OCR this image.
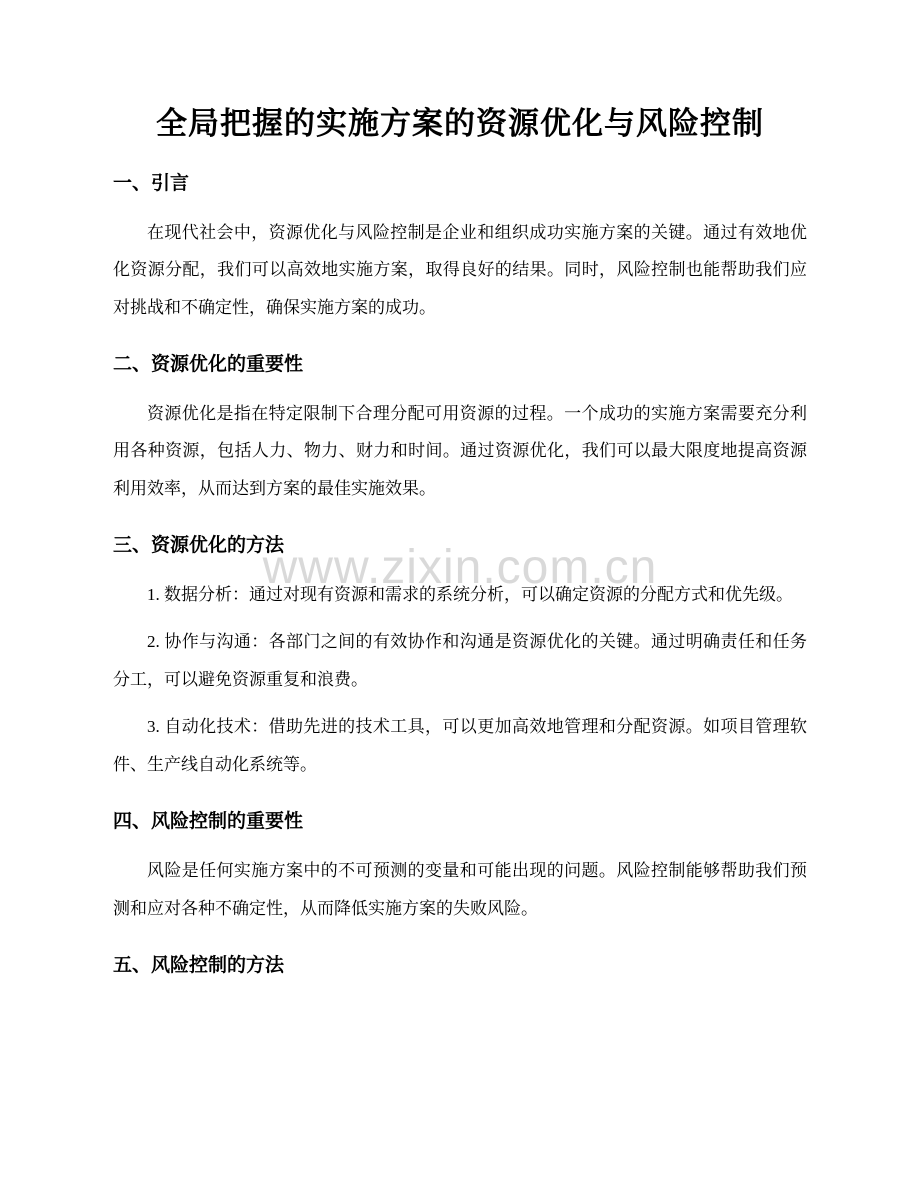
www.zixin.com.cn
全局把握的实施方案的资源优化与风险控制
一、引言

在现代社会中，资源优化与风险控制是企业和组织成功实施方案的关键。通过有效地优化资源分配，我们可以高效地实施方案，取得良好的结果。同时，风险控制也能帮助我们应对挑战和不确定性，确保实施方案的成功。

二、资源优化的重要性

资源优化是指在特定限制下合理分配可用资源的过程。一个成功的实施方案需要充分利用各种资源，包括人力、物力、财力和时间。通过资源优化，我们可以最大限度地提高资源利用效率，从而达到方案的最佳实施效果。

三、资源优化的方法

1. 数据分析：通过对现有资源和需求的系统分析，可以确定资源的分配方式和优先级。

2. 协作与沟通：各部门之间的有效协作和沟通是资源优化的关键。通过明确责任和任务分工，可以避免资源重复和浪费。

3. 自动化技术：借助先进的技术工具，可以更加高效地管理和分配资源。如项目管理软件、生产线自动化系统等。

四、风险控制的重要性

风险是任何实施方案中的不可预测的变量和可能出现的问题。风险控制能够帮助我们预测和应对各种不确定性，从而降低实施方案的失败风险。

五、风险控制的方法
